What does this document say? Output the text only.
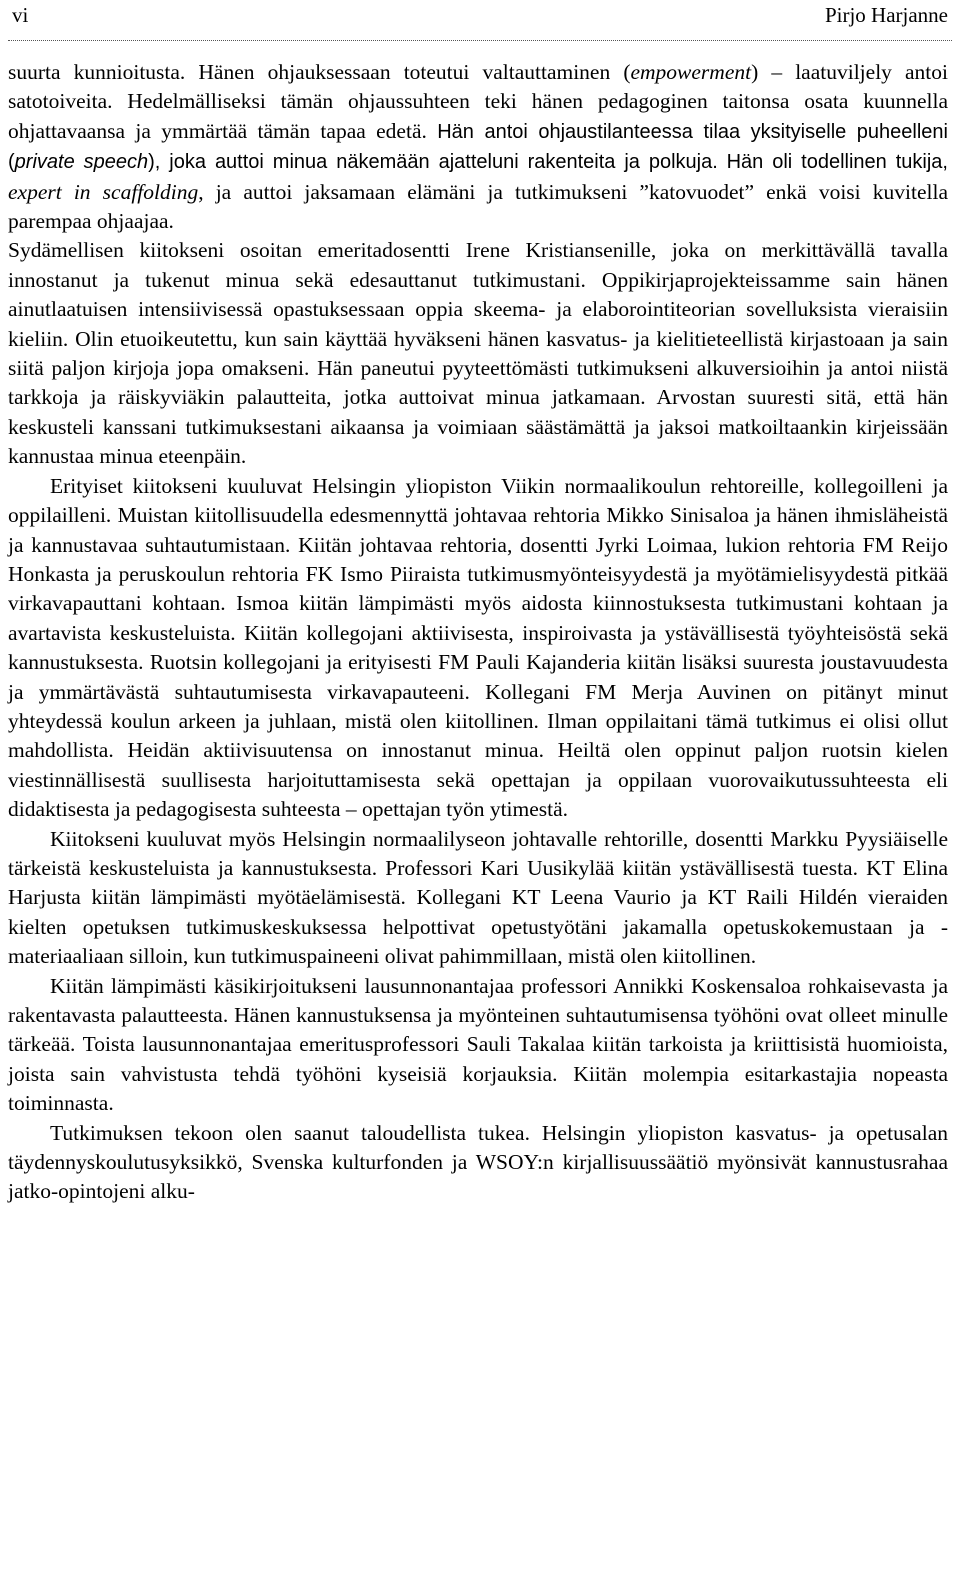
vi	Pirjo Harjanne

suurta kunnioitusta. Hänen ohjauksessaan toteutui valtauttaminen (empowerment) – laatuviljely antoi satotoiveita. Hedelmälliseksi tämän ohjaussuhteen teki hänen pedagoginen taitonsa osata kuunnella ohjattavaansa ja ymmärtää tämän tapaa edetä. Hän antoi ohjaustilanteessa tilaa yksityiselle puheelleni (private speech), joka auttoi minua näkemään ajatteluni rakenteita ja polkuja. Hän oli todellinen tukija, expert in scaffolding, ja auttoi jaksamaan elämäni ja tutkimukseni ”katovuodet” enkä voisi kuvitella parempaa ohjaajaa.

Sydämellisen kiitokseni osoitan emeritadosentti Irene Kristiansenille, joka on merkittävällä tavalla innostanut ja tukenut minua sekä edesauttanut tutkimustani. Oppikirjaprojekteissamme sain hänen ainutlaatuisen intensiivisessä opastuksessaan oppia skeema- ja elaborointiteorian sovelluksista vieraisiin kieliin. Olin etuoikeutettu, kun sain käyttää hyväkseni hänen kasvatus- ja kielitieteellistä kirjastoaan ja sain siitä paljon kirjoja jopa omakseni. Hän paneutui pyyteettömästi tutkimukseni alkuversioihin ja antoi niistä tarkkoja ja räiskyviäkin palautteita, jotka auttoivat minua jatkamaan. Arvostan suuresti sitä, että hän keskusteli kanssani tutkimuksestani aikaansa ja voimiaan säästämättä ja jaksoi matkoiltaankin kirjeissään kannustaa minua eteenpäin.

Erityiset kiitokseni kuuluvat Helsingin yliopiston Viikin normaalikoulun rehtoreille, kollegoilleni ja oppilailleni. Muistan kiitollisuudella edesmennyttä johtavaa rehtoria Mikko Sinisaloa ja hänen ihmisläheistä ja kannustavaa suhtautumistaan. Kiitän johtavaa rehtoria, dosentti Jyrki Loimaa, lukion rehtoria FM Reijo Honkasta ja peruskoulun rehtoria FK Ismo Piiraista tutkimusmyönteisyydestä ja myötämielisyydestä pitkää virkavapauttani kohtaan. Ismoa kiitän lämpimästi myös aidosta kiinnostuksesta tutkimustani kohtaan ja avartavista keskusteluista. Kiitän kollegojani aktiivisesta, inspiroivasta ja ystävällisestä työyhteisöstä sekä kannustuksesta. Ruotsin kollegojani ja erityisesti FM Pauli Kajanderia kiitän lisäksi suuresta joustavuudesta ja ymmärtävästä suhtautumisesta virkavapauteeni. Kollegani FM Merja Auvinen on pitänyt minut yhteydessä koulun arkeen ja juhlaan, mistä olen kiitollinen. Ilman oppilaitani tämä tutkimus ei olisi ollut mahdollista. Heidän aktiivisuutensa on innostanut minua. Heiltä olen oppinut paljon ruotsin kielen viestinnällisestä suullisesta harjoituttamisesta sekä opettajan ja oppilaan vuorovaikutussuhteesta eli didaktisesta ja pedagogisesta suhteesta – opettajan työn ytimestä.

Kiitokseni kuuluvat myös Helsingin normaalilyseon johtavalle rehtorille, dosentti Markku Pyysiäiselle tärkeistä keskusteluista ja kannustuksesta. Professori Kari Uusikylää kiitän ystävällisestä tuesta. KT Elina Harjusta kiitän lämpimästi myötäelämisestä. Kollegani KT Leena Vaurio ja KT Raili Hildén vieraiden kielten opetuksen tutkimuskeskuksessa helpottivat opetustyötäni jakamalla opetuskokemustaan ja -materiaaliaan silloin, kun tutkimuspaineeni olivat pahimmillaan, mistä olen kiitollinen.

Kiitän lämpimästi käsikirjoitukseni lausunnonantajaa professori Annikki Koskensaloa rohkaisevasta ja rakentavasta palautteesta. Hänen kannustuksensa ja myönteinen suhtautumisensa työhöni ovat olleet minulle tärkeää. Toista lausunnonantajaa emeritusprofessori Sauli Takalaa kiitän tarkoista ja kriittisistä huomioista, joista sain vahvistusta tehdä työhöni kyseisiä korjauksia. Kiitän molempia esitarkastajia nopeasta toiminnasta.

Tutkimuksen tekoon olen saanut taloudellista tukea. Helsingin yliopiston kasvatus- ja opetusalan täydennyskoulutusyksikkö, Svenska kulturfonden ja WSOY:n kirjallisuussäätiö myönsivät kannustusrahaa jatko-opintojeni alku-
